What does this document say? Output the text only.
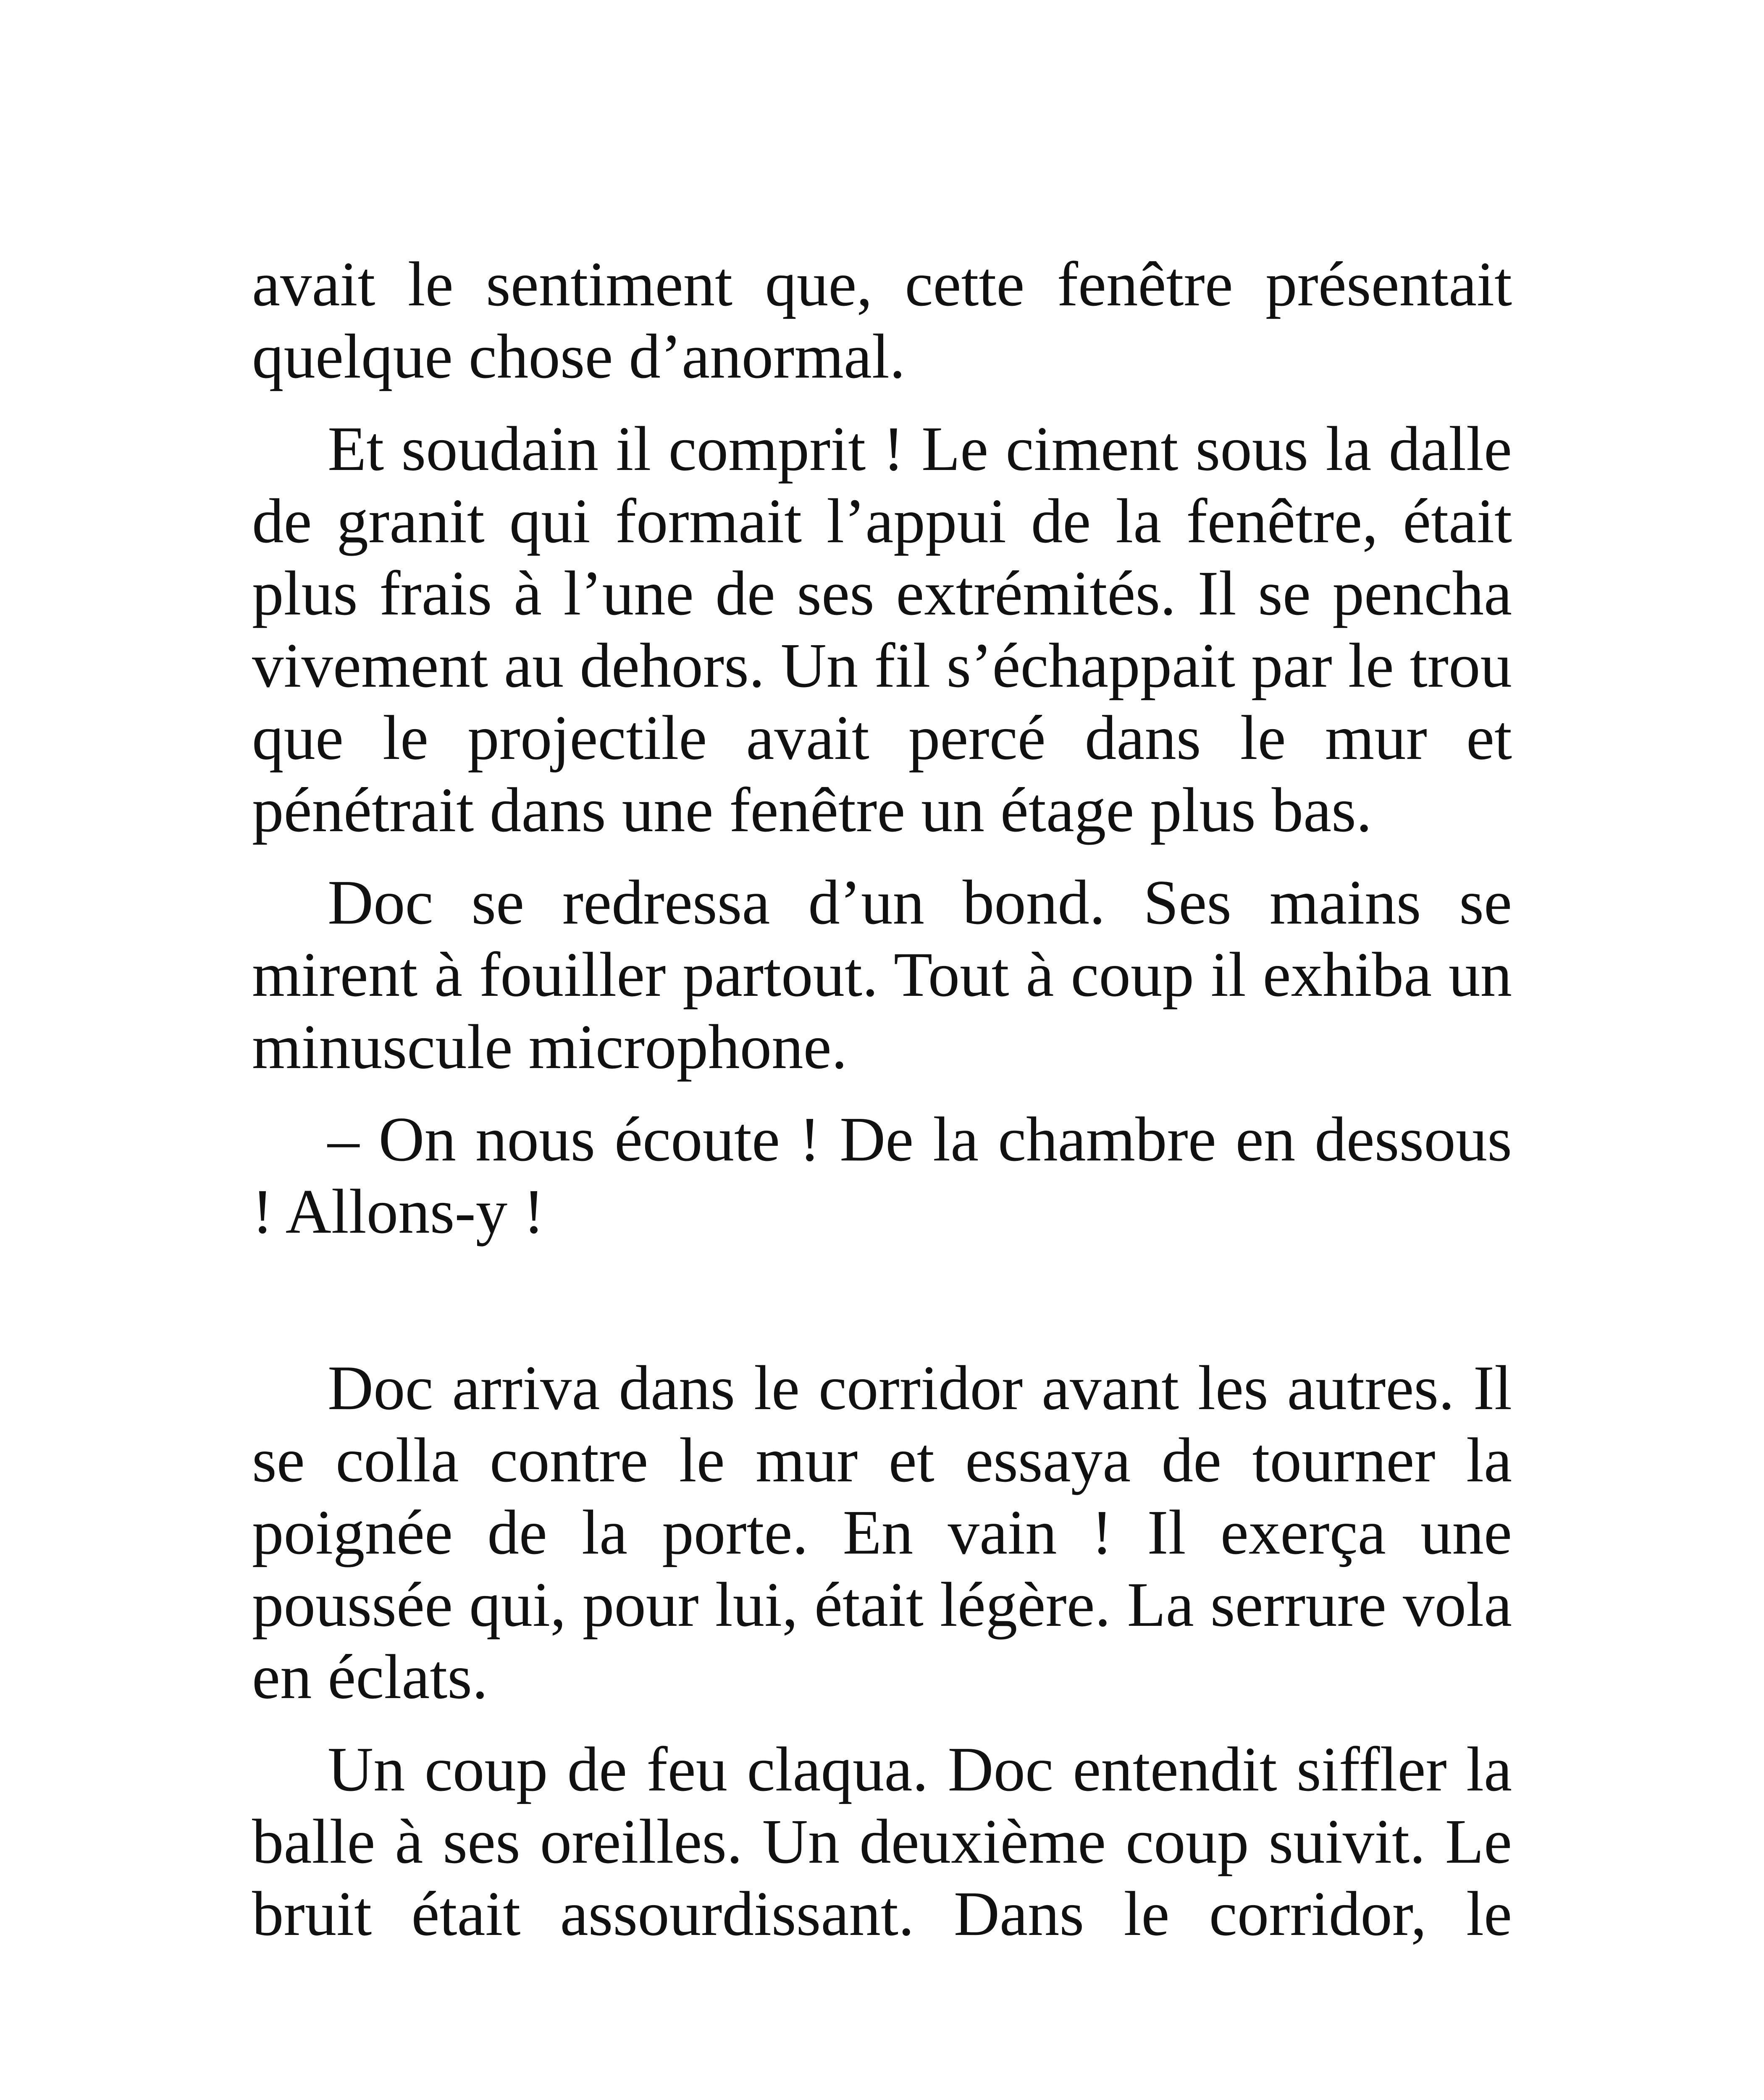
avait le sentiment que, cette fenêtre présentait quelque chose d’anormal.

Et soudain il comprit ! Le ciment sous la dalle de granit qui formait l’appui de la fenêtre, était plus frais à l’une de ses extrémités. Il se pencha vivement au dehors. Un fil s’échappait par le trou que le projectile avait percé dans le mur et pénétrait dans une fenêtre un étage plus bas.

Doc se redressa d’un bond. Ses mains se mirent à fouiller partout. Tout à coup il exhiba un minuscule microphone.

– On nous écoute ! De la chambre en dessous ! Allons-y !

Doc arriva dans le corridor avant les autres. Il se colla contre le mur et essaya de tourner la poignée de la porte. En vain ! Il exerça une poussée qui, pour lui, était légère. La serrure vola en éclats.

Un coup de feu claqua. Doc entendit siffler la balle à ses oreilles. Un deuxième coup suivit. Le bruit était assourdissant. Dans le corridor, le
